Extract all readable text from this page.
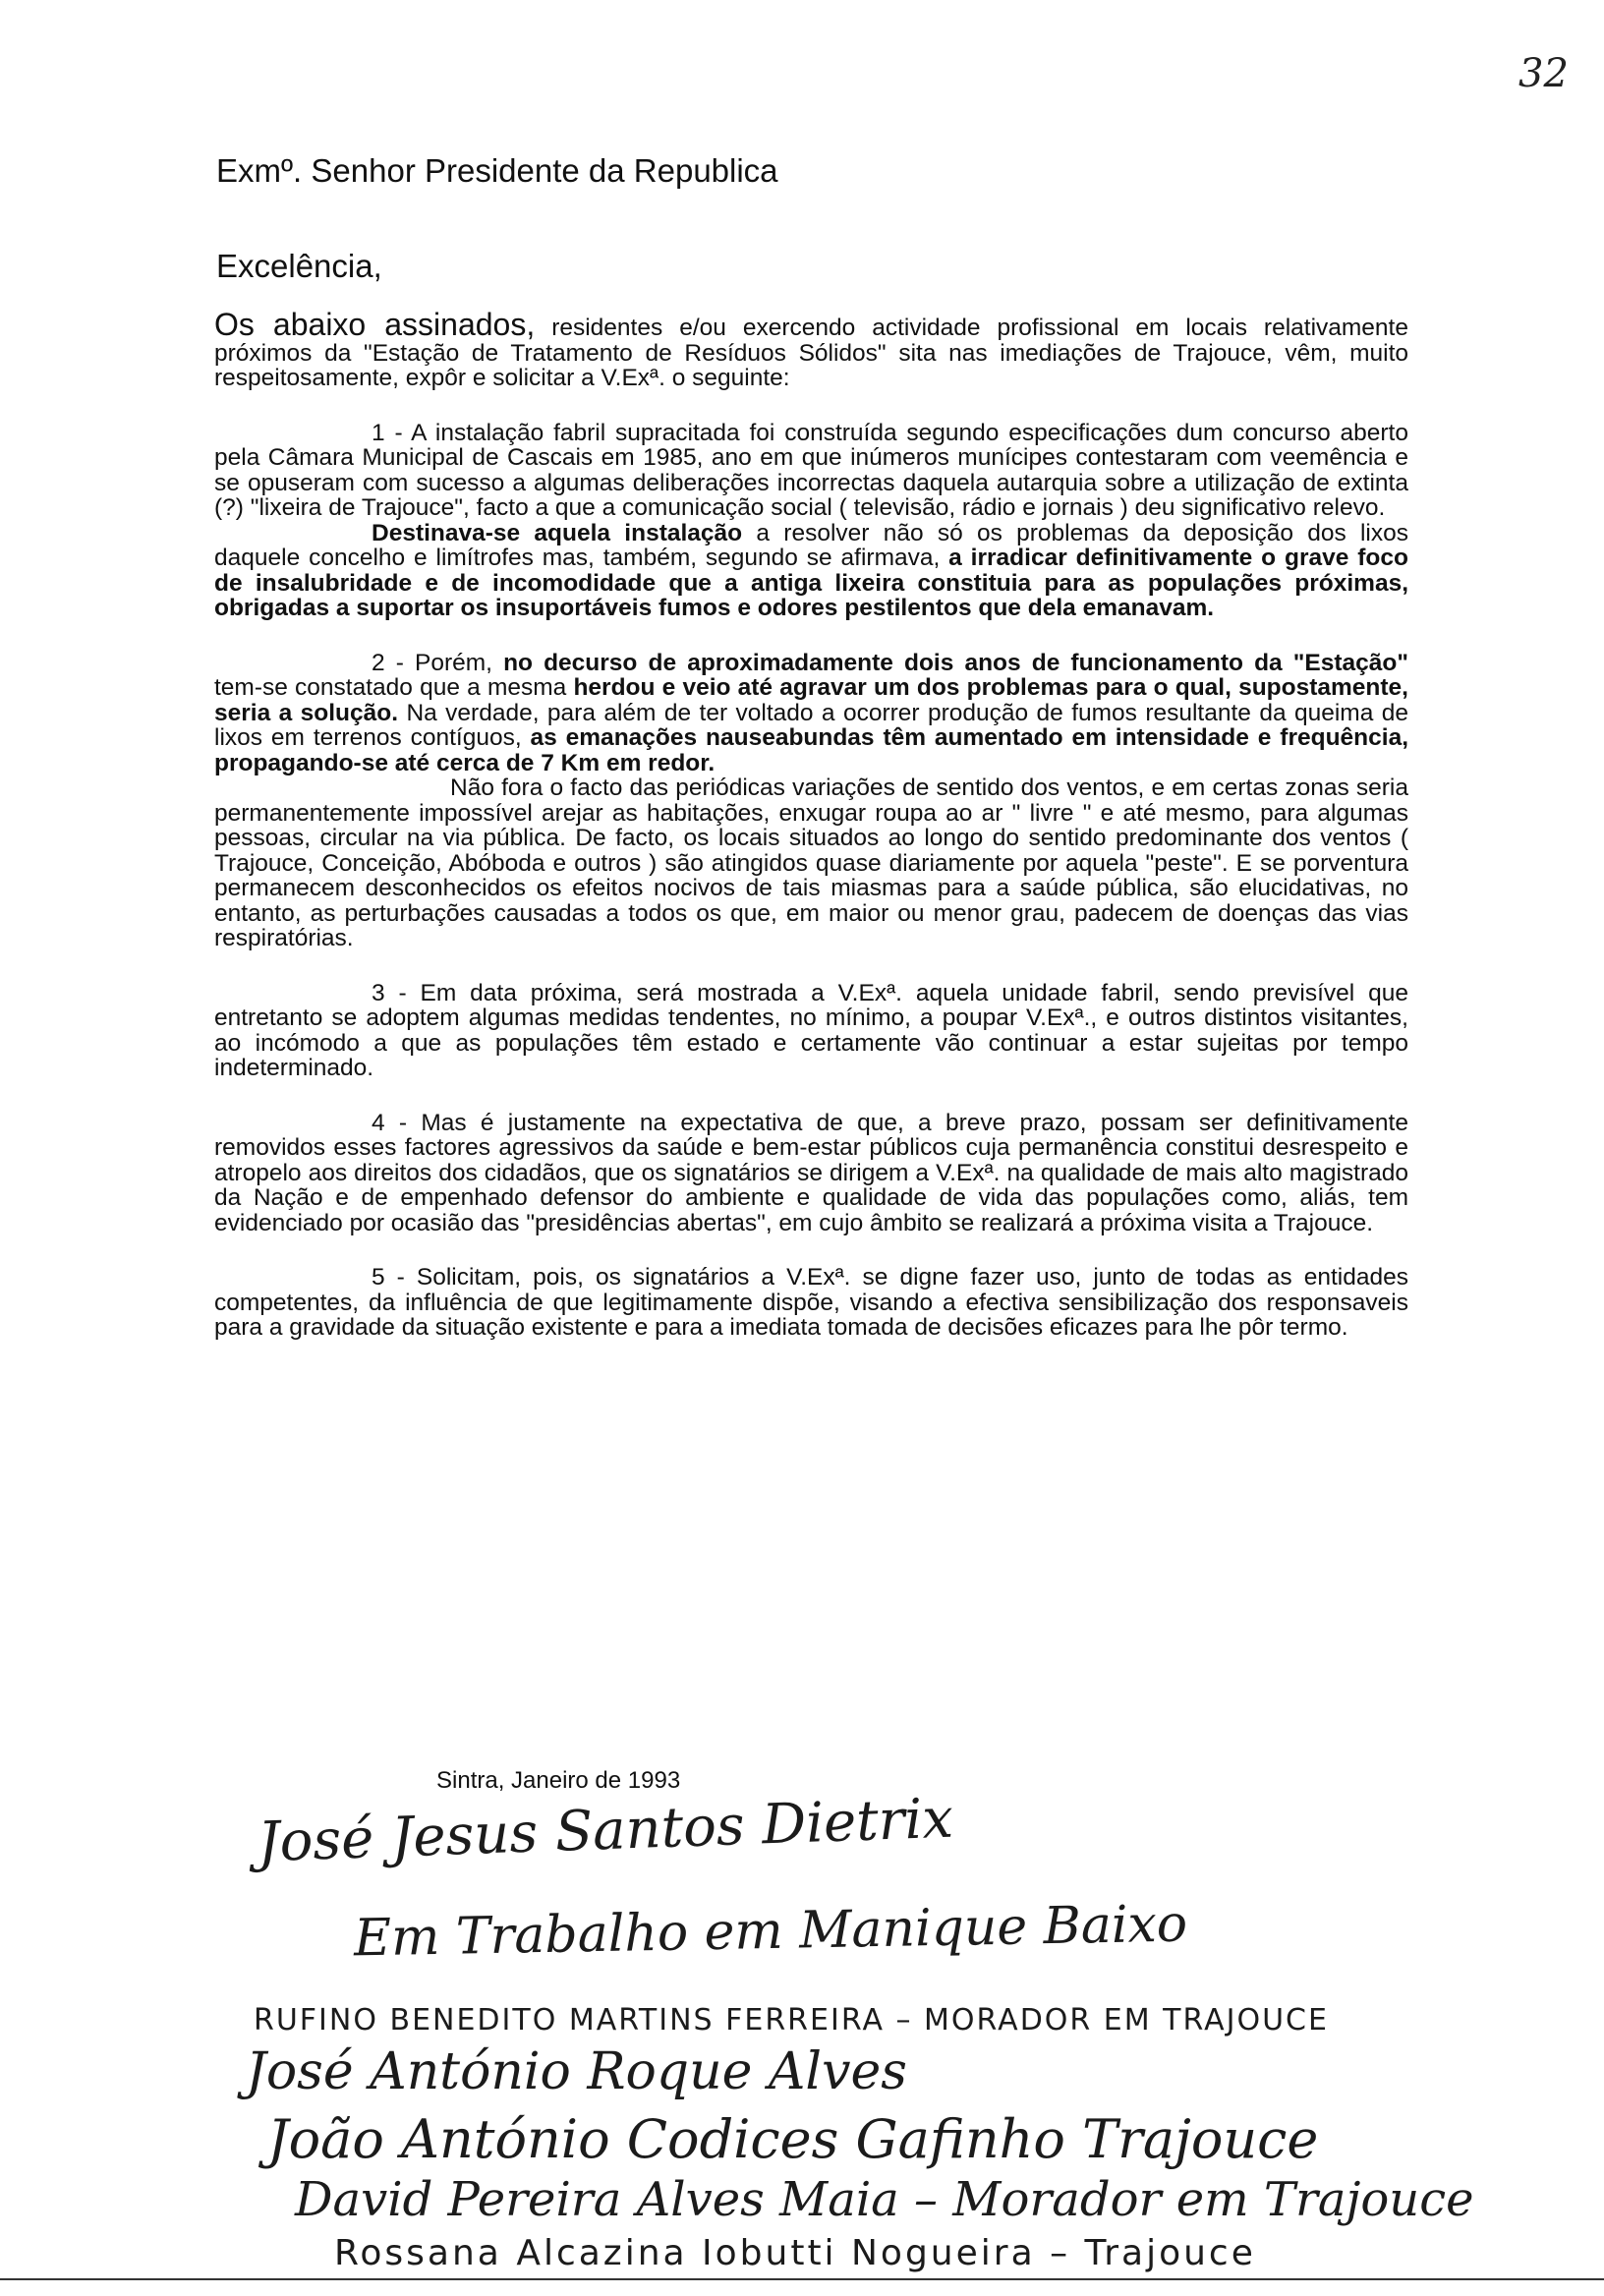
32
Exmº. Senhor Presidente da Republica
Excelência,

Os abaixo assinados, residentes e/ou exercendo actividade profissional em locais relativamente próximos da "Estação de Tratamento de Resíduos Sólidos" sita nas imediações de Trajouce, vêm, muito respeitosamente, expôr e solicitar a V.Exª. o seguinte:

1 - A instalação fabril supracitada foi construída segundo especificações dum concurso aberto pela Câmara Municipal de Cascais em 1985, ano em que inúmeros munícipes contestaram com veemência e se opuseram com sucesso a algumas deliberações incorrectas daquela autarquia sobre a utilização de extinta (?) "lixeira de Trajouce", facto a que a comunicação social ( televisão, rádio e jornais ) deu significativo relevo.
Destinava-se aquela instalação a resolver não só os problemas da deposição dos lixos daquele concelho e limítrofes mas, também, segundo se afirmava, a irradicar definitivamente o grave foco de insalubridade e de incomodidade que a antiga lixeira constituia para as populações próximas, obrigadas a suportar os insuportáveis fumos e odores pestilentos que dela emanavam.

2 - Porém, no decurso de aproximadamente dois anos de funcionamento da "Estação" tem-se constatado que a mesma herdou e veio até agravar um dos problemas para o qual, supostamente, seria a solução. Na verdade, para além de ter voltado a ocorrer produção de fumos resultante da queima de lixos em terrenos contíguos, as emanações nauseabundas têm aumentado em intensidade e frequência, propagando-se até cerca de 7 Km em redor.
Não fora o facto das periódicas variações de sentido dos ventos, e em certas zonas seria permanentemente impossível arejar as habitações, enxugar roupa ao ar " livre " e até mesmo, para algumas pessoas, circular na via pública. De facto, os locais situados ao longo do sentido predominante dos ventos ( Trajouce, Conceição, Abóboda e outros ) são atingidos quase diariamente por aquela "peste". E se porventura permanecem desconhecidos os efeitos nocivos de tais miasmas para a saúde pública, são elucidativas, no entanto, as perturbações causadas a todos os que, em maior ou menor grau, padecem de doenças das vias respiratórias.

3 - Em data próxima, será mostrada a V.Exª. aquela unidade fabril, sendo previsível que entretanto se adoptem algumas medidas tendentes, no mínimo, a poupar V.Exª., e outros distintos visitantes, ao incómodo a que as populações têm estado e certamente vão continuar a estar sujeitas por tempo indeterminado.

4 - Mas é justamente na expectativa de que, a breve prazo, possam ser definitivamente removidos esses factores agressivos da saúde e bem-estar públicos cuja permanência constitui desrespeito e atropelo aos direitos dos cidadãos, que os signatários se dirigem a V.Exª. na qualidade de mais alto magistrado da Nação e de empenhado defensor do ambiente e qualidade de vida das populações como, aliás, tem evidenciado por ocasião das "presidências abertas", em cujo âmbito se realizará a próxima visita a Trajouce.

5 - Solicitam, pois, os signatários a V.Exª. se digne fazer uso, junto de todas as entidades competentes, da influência de que legitimamente dispõe, visando a efectiva sensibilização dos responsaveis para a gravidade da situação existente e para a imediata tomada de decisões eficazes para lhe pôr termo.

Sintra, Janeiro de 1993
José Jesus Santos Dietrix
Em Trabalho em Manique Baixo
RUFINO BENEDITO MARTINS FERREIRA – MORADOR EM TRAJOUCE
José António Roque Alves
João António Codices Gafinho Trajouce
David Pereira Alves Maia – Morador em Trajouce
Rossana Alcazina Iobutti Nogueira – Trajouce
